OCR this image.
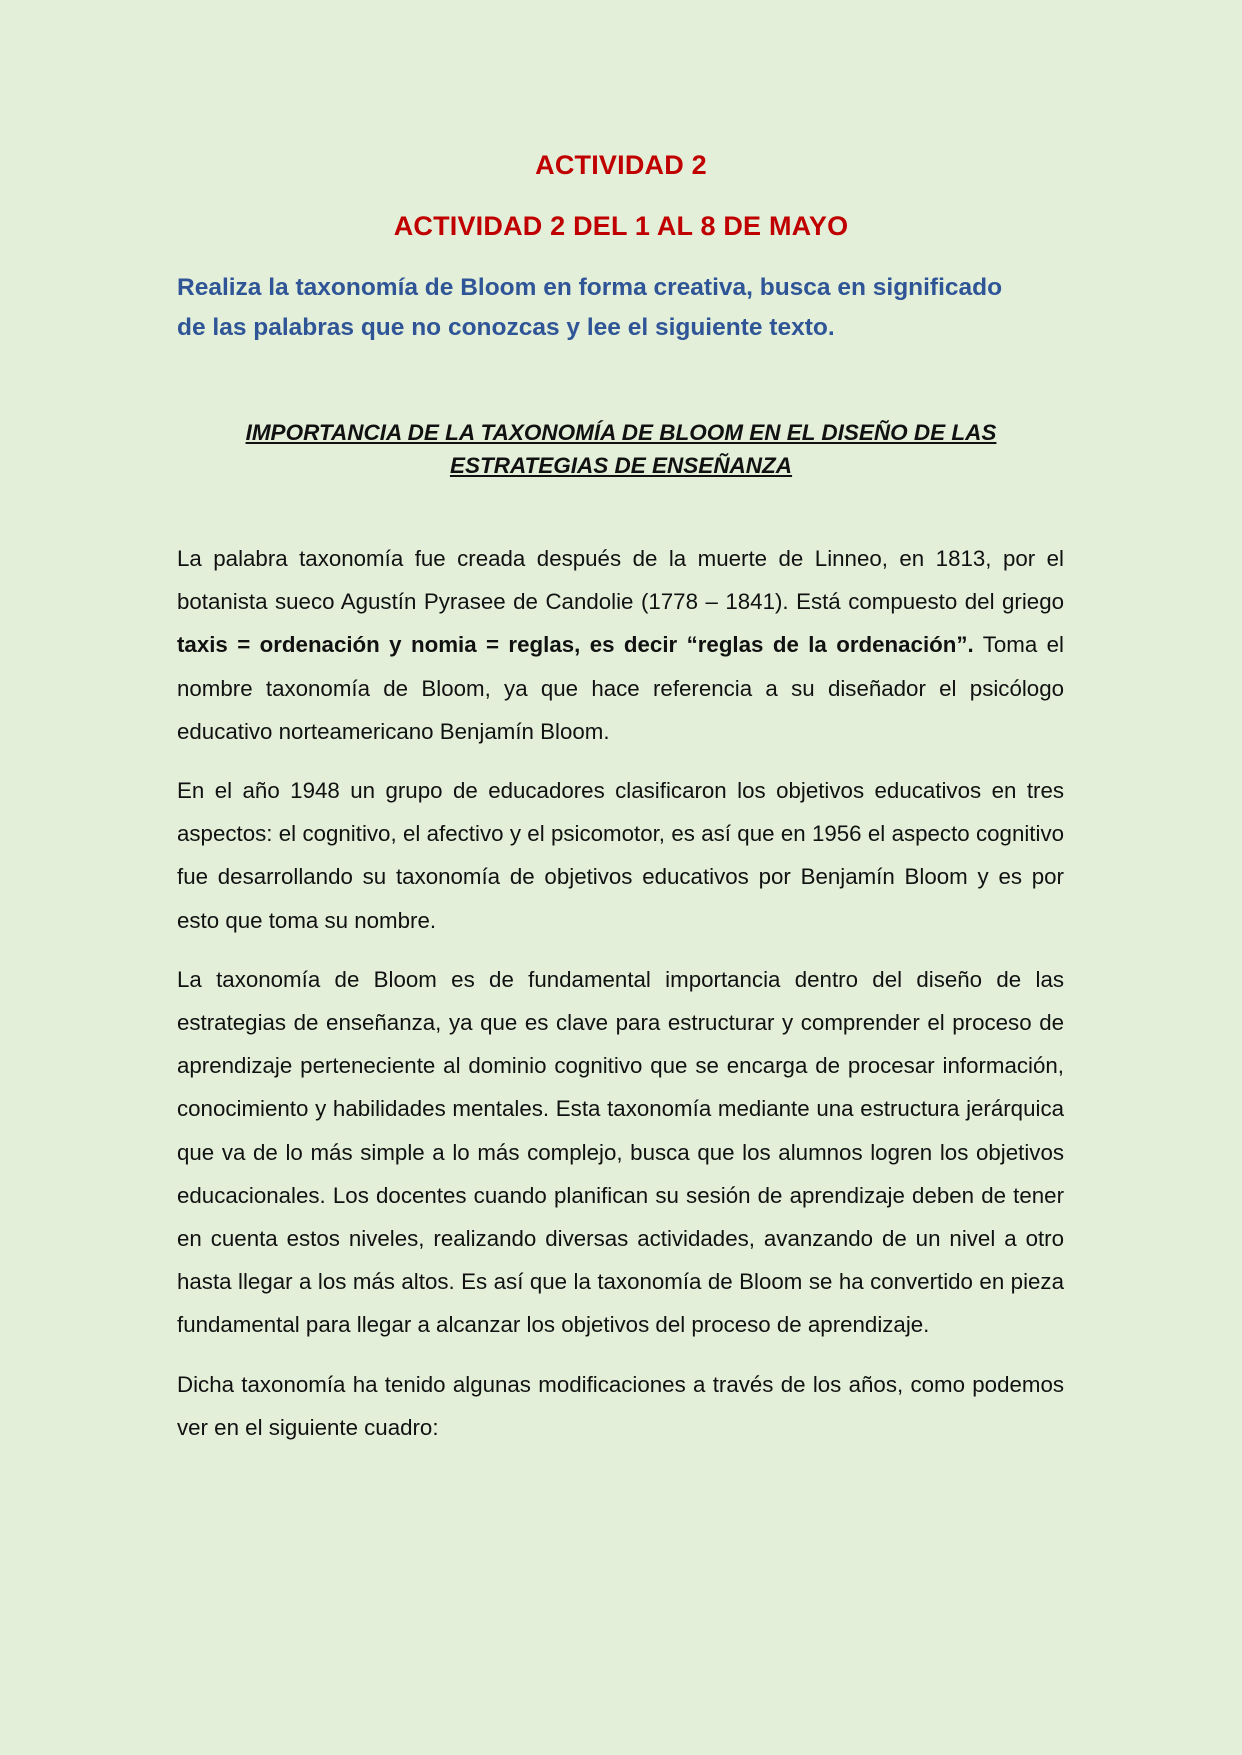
ACTIVIDAD 2
ACTIVIDAD 2 DEL 1 AL 8 DE MAYO
Realiza la taxonomía de Bloom en forma creativa, busca en significado
de las palabras que no conozcas y lee el siguiente texto.
IMPORTANCIA DE LA TAXONOMÍA DE BLOOM EN EL DISEÑO DE LAS
ESTRATEGIAS DE ENSEÑANZA

La palabra taxonomía fue creada después de la muerte de Linneo, en 1813, por el botanista sueco Agustín Pyrasee de Candolie (1778 – 1841). Está compuesto del griego taxis = ordenación y nomia = reglas, es decir “reglas de la ordenación”. Toma el nombre taxonomía de Bloom, ya que hace referencia a su diseñador el psicólogo educativo norteamericano Benjamín Bloom.

En el año 1948 un grupo de educadores clasificaron los objetivos educativos en tres aspectos: el cognitivo, el afectivo y el psicomotor, es así que en 1956 el aspecto cognitivo fue desarrollando su taxonomía de objetivos educativos por Benjamín Bloom y es por esto que toma su nombre.

La taxonomía de Bloom es de fundamental importancia dentro del diseño de las estrategias de enseñanza, ya que es clave para estructurar y comprender el proceso de aprendizaje perteneciente al dominio cognitivo que se encarga de procesar información, conocimiento y habilidades mentales. Esta taxonomía mediante una estructura jerárquica que va de lo más simple a lo más complejo, busca que los alumnos logren los objetivos educacionales. Los docentes cuando planifican su sesión de aprendizaje deben de tener en cuenta estos niveles, realizando diversas actividades, avanzando de un nivel a otro hasta llegar a los más altos. Es así que la taxonomía de Bloom se ha convertido en pieza fundamental para llegar a alcanzar los objetivos del proceso de aprendizaje.

Dicha taxonomía ha tenido algunas modificaciones a través de los años, como podemos ver en el siguiente cuadro:
